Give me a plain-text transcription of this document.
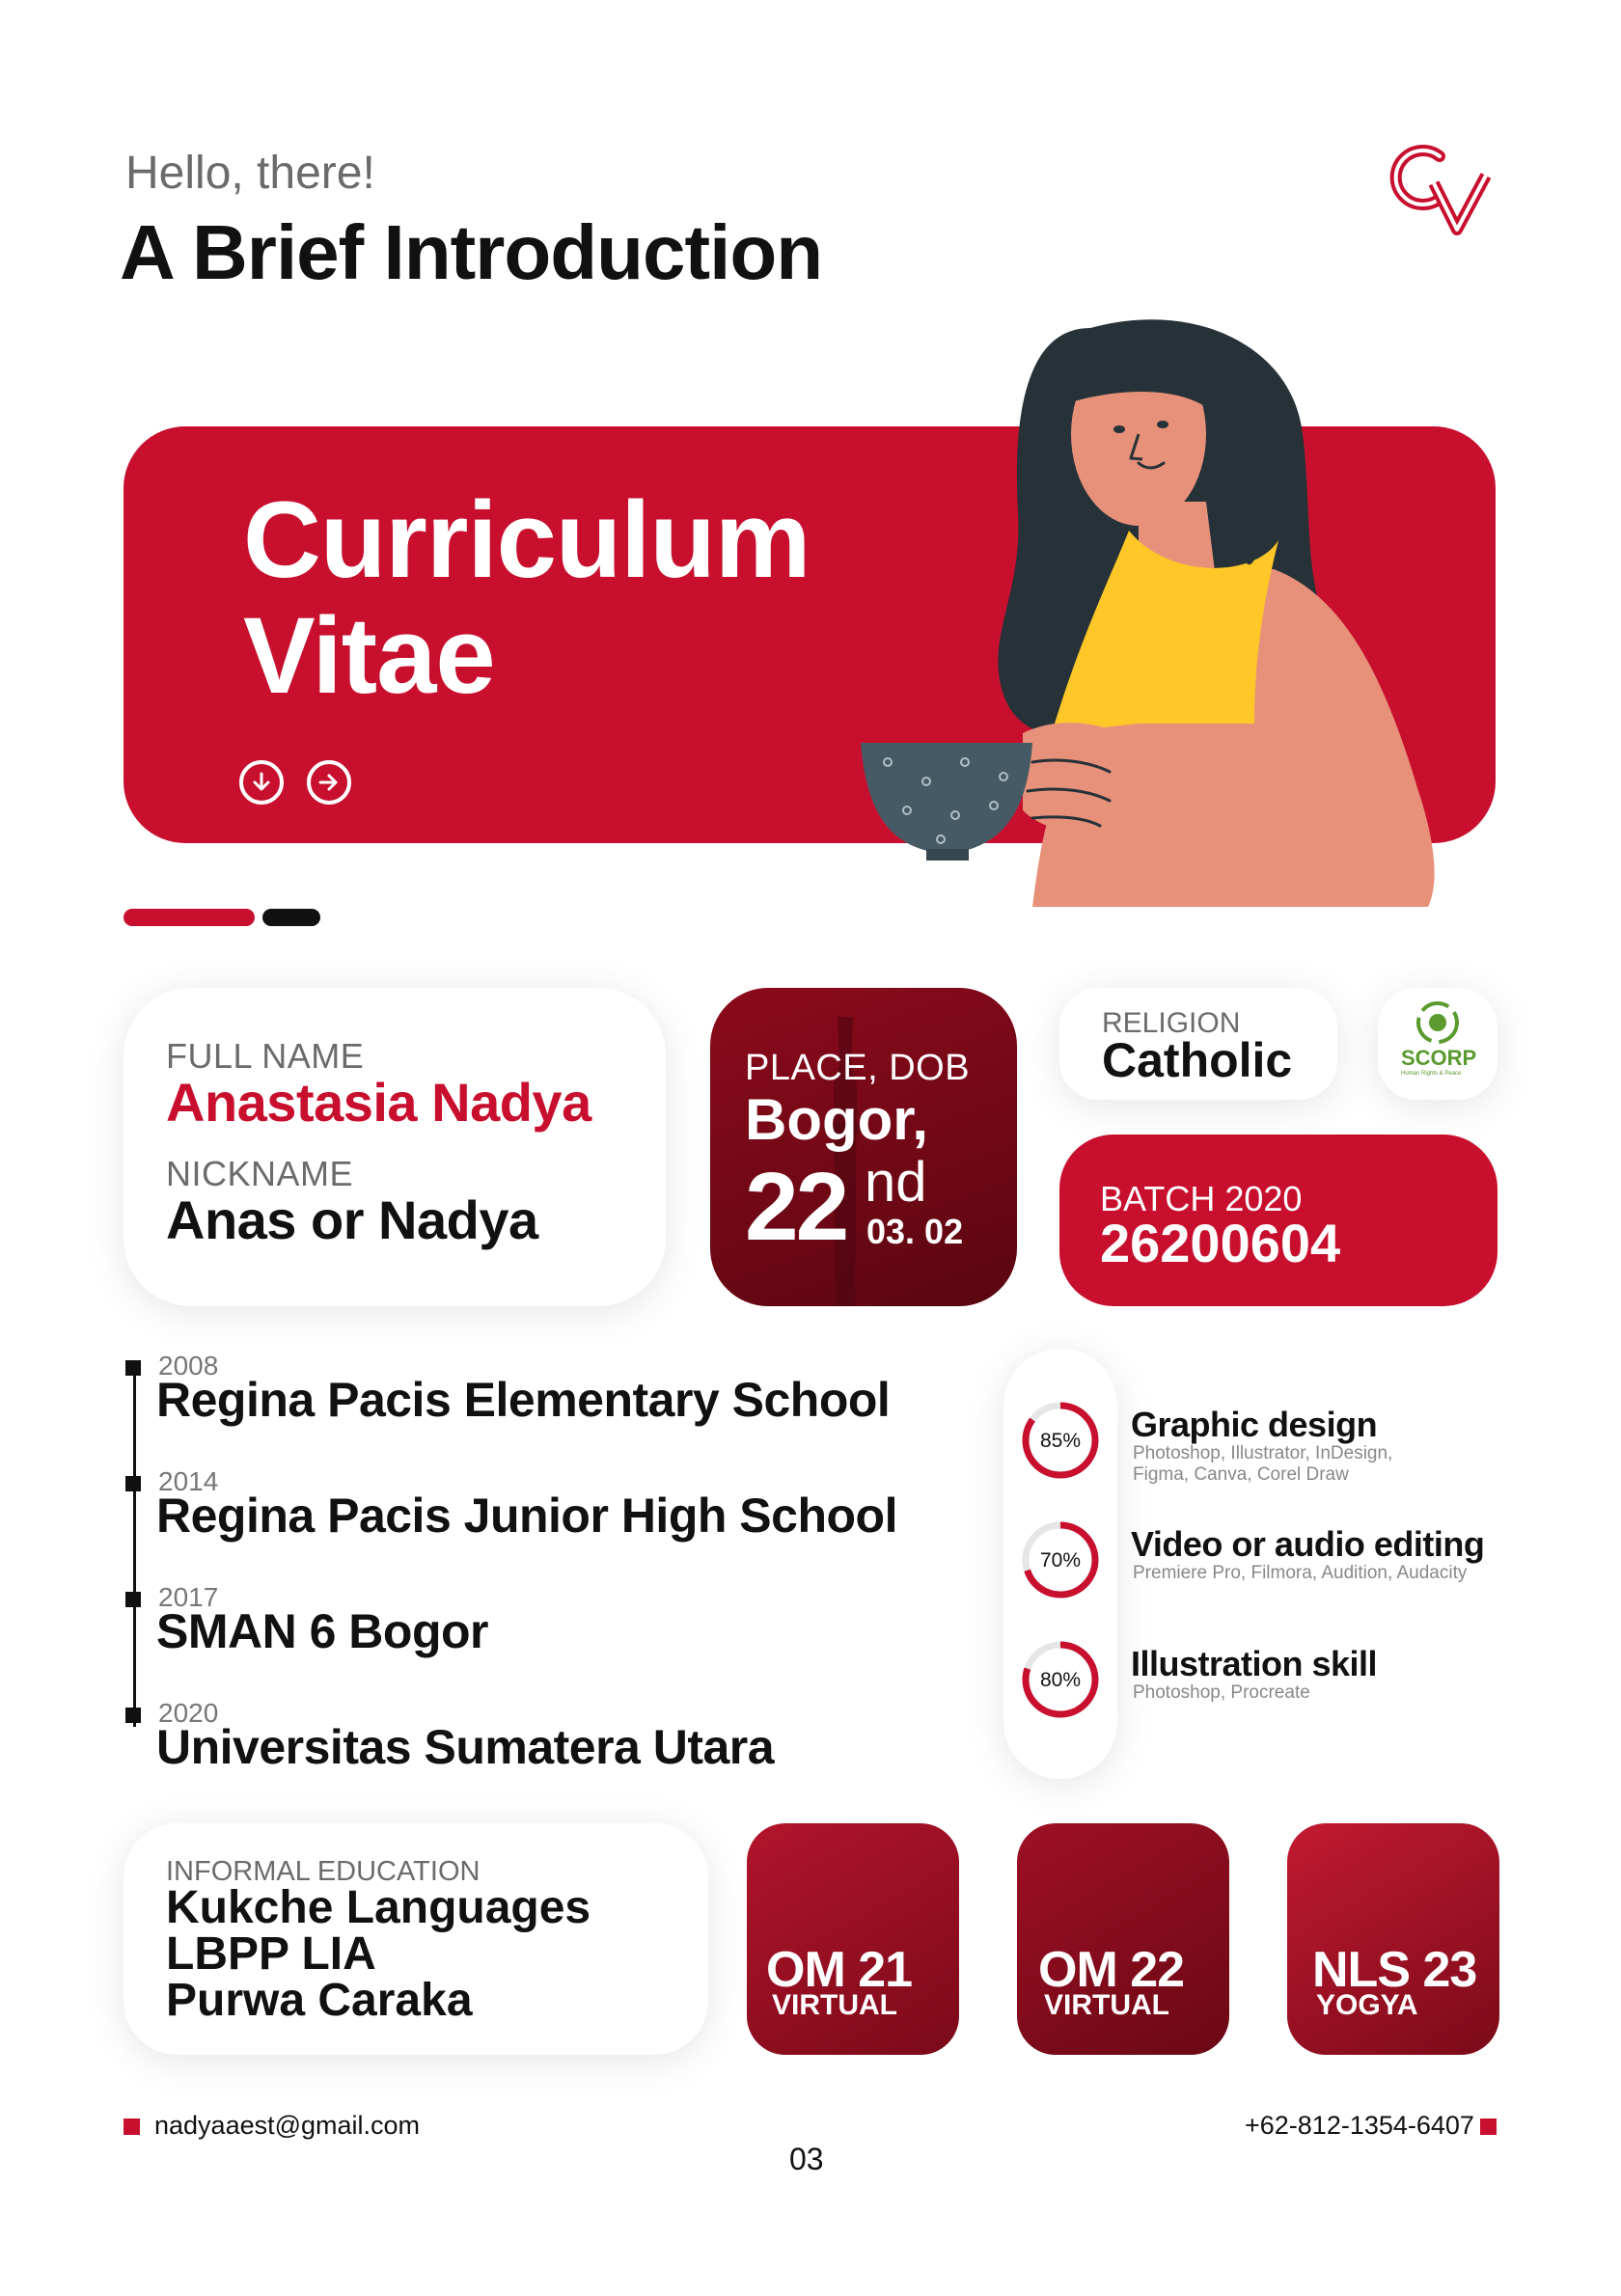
Hello, there!
A Brief Introduction
Curriculum
Vitae
FULL NAME
Anastasia Nadya
NICKNAME
Anas or Nadya
PLACE, DOB
Bogor,
22 nd
03. 02
RELIGION
Catholic	SCORP
Human Rights & Peace
BATCH 2020
26200604
2008
Regina Pacis Elementary School
2014
Regina Pacis Junior High School
2017
SMAN 6 Bogor
2020
Universitas Sumatera Utara
85% Graphic design
Photoshop, Illustrator, InDesign,
Figma, Canva, Corel Draw
70% Video or audio editing
Premiere Pro, Filmora, Audition, Audacity
80% Illustration skill
Photoshop, Procreate
INFORMAL EDUCATION
Kukche Languages
LBPP LIA
Purwa Caraka
OM 21
VIRTUAL
OM 22
VIRTUAL
NLS 23
YOGYA
nadyaaest@gmail.com	+62-812-1354-6407
03
